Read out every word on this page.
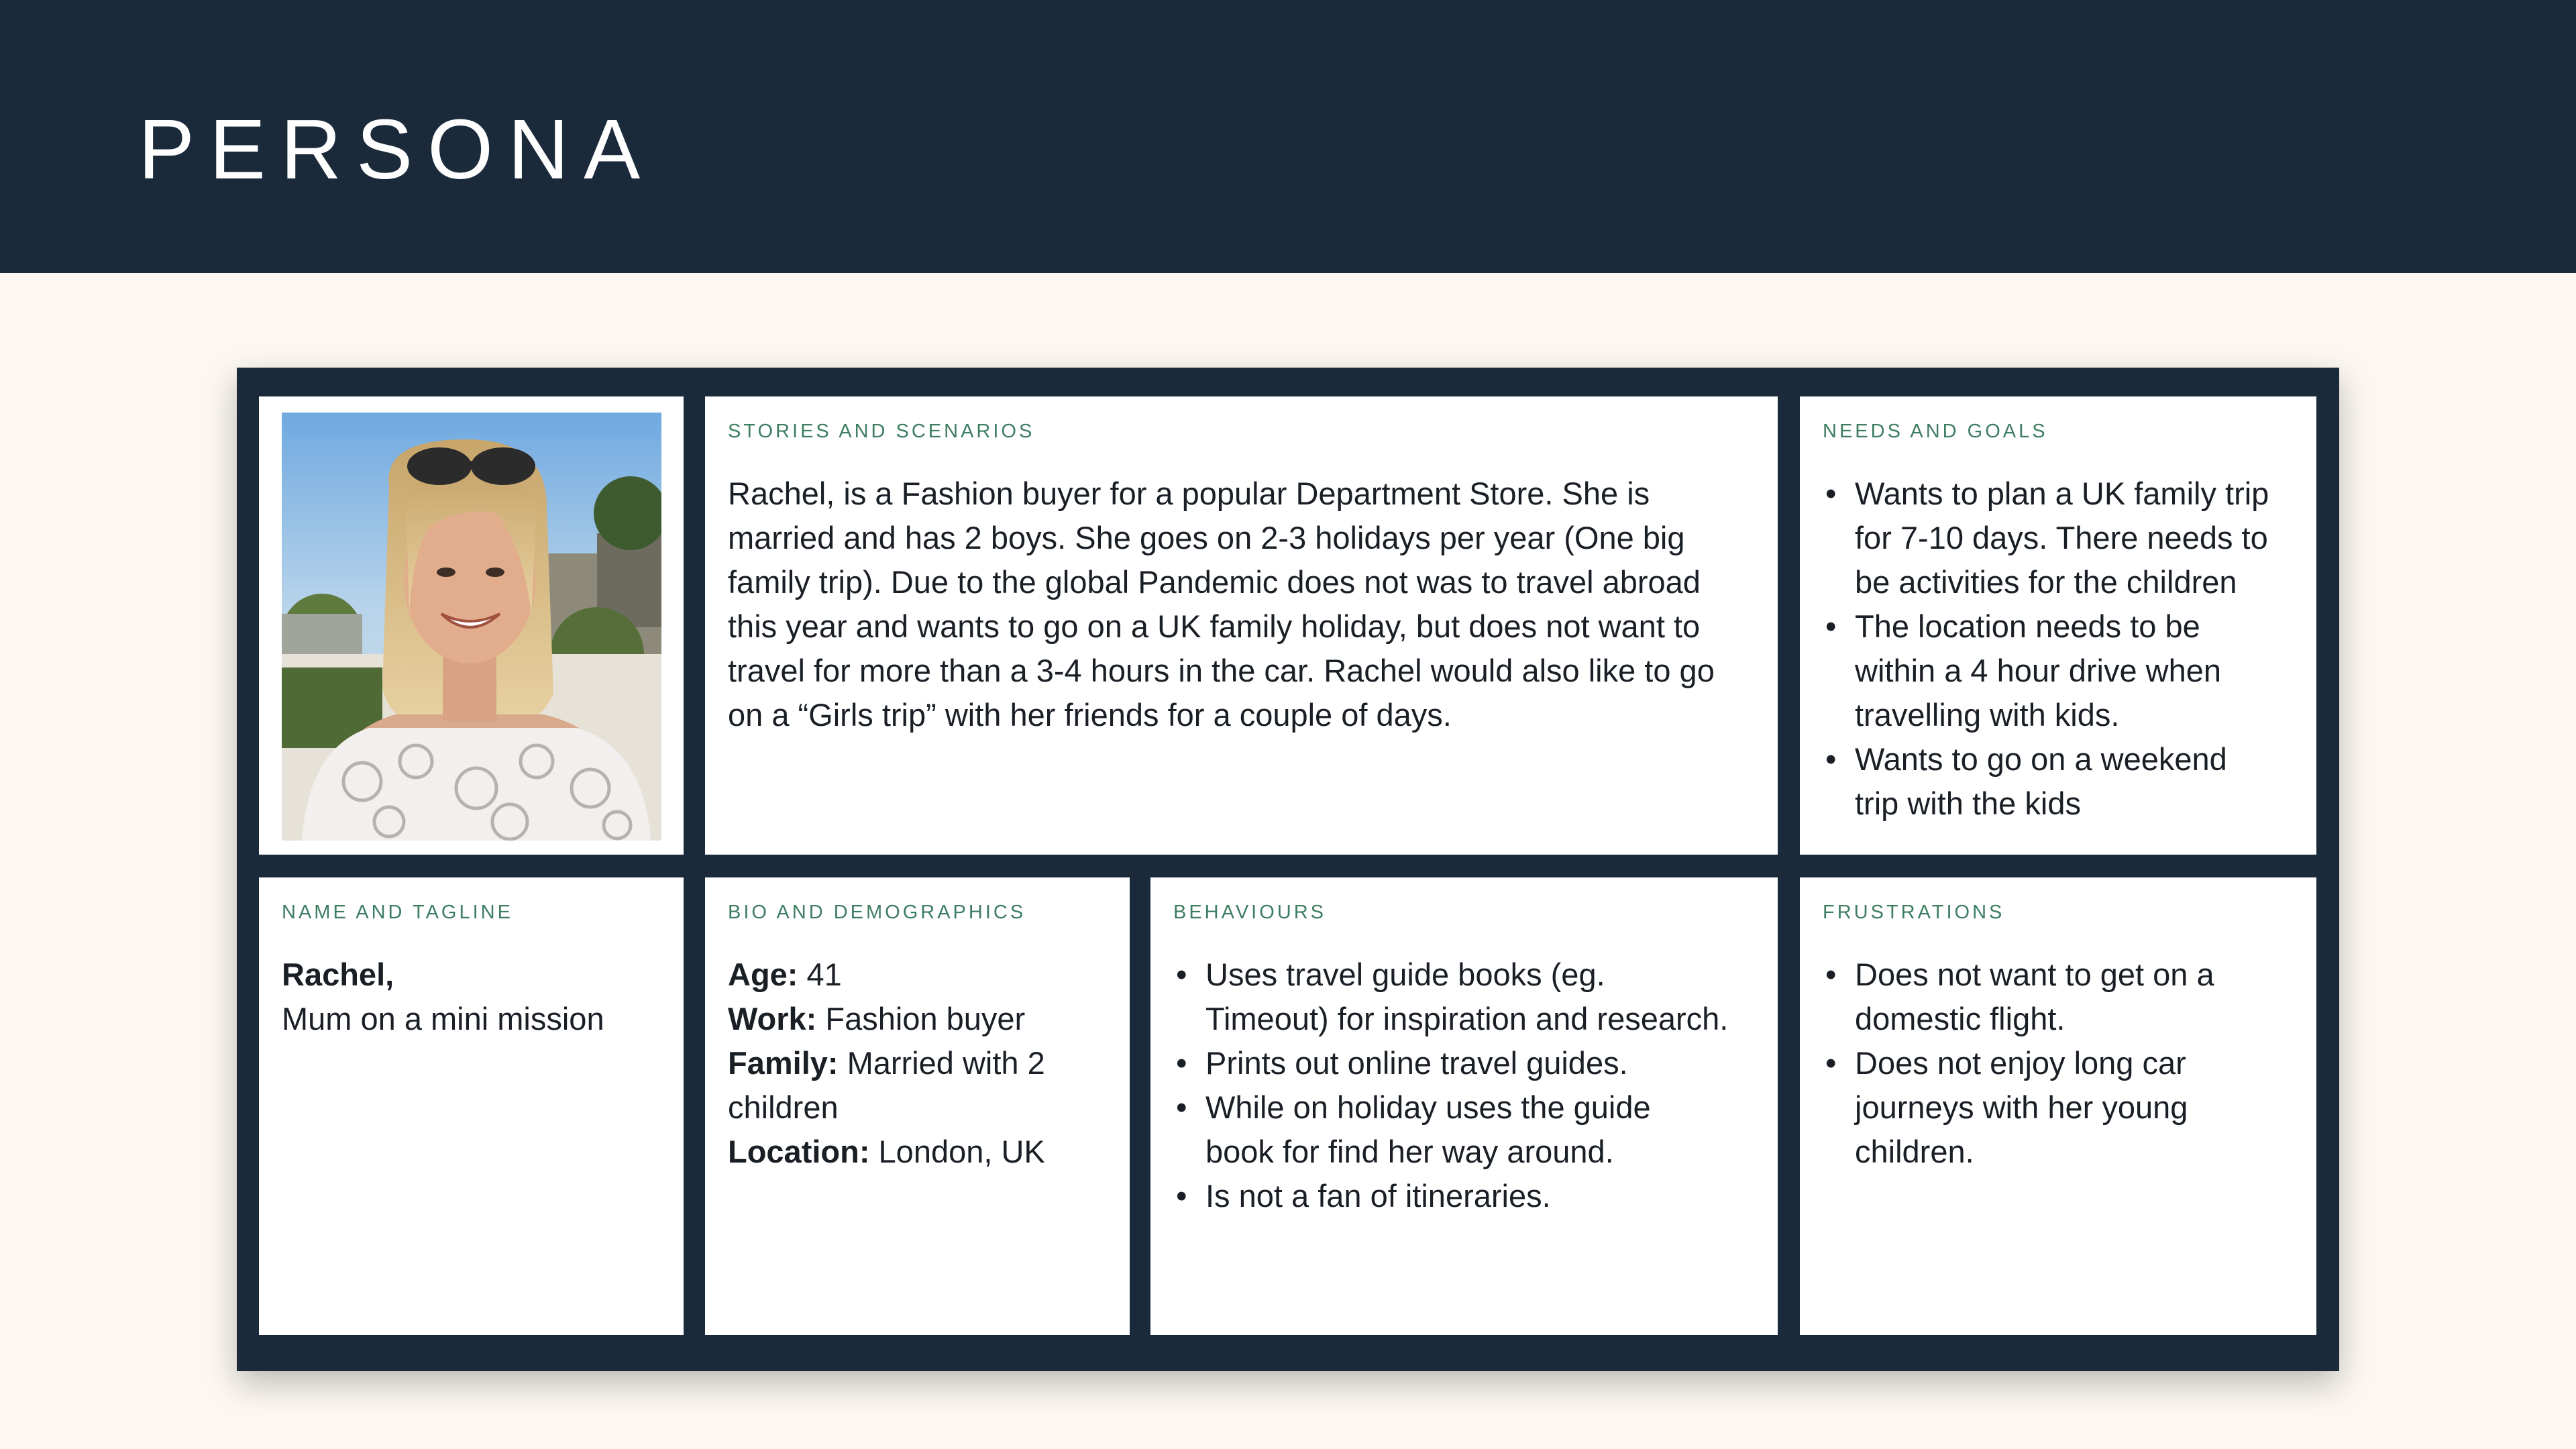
PERSONA
STORIES AND SCENARIOS
Rachel, is a Fashion buyer for a popular Department Store. She is
married and has 2 boys. She goes on 2-3 holidays per year (One big
family trip). Due to the global Pandemic does not was to travel abroad
this year and wants to go on a UK family holiday, but does not want to
travel for more than a 3-4 hours in the car. Rachel would also like to go
on a “Girls trip” with her friends for a couple of days.
NEEDS AND GOALS
• Wants to plan a UK family trip
for 7-10 days. There needs to
be activities for the children
• The location needs to be
within a 4 hour drive when
travelling with kids.
• Wants to go on a weekend
trip with the kids
NAME AND TAGLINE
Rachel,
Mum on a mini mission
BIO AND DEMOGRAPHICS
Age: 41
Work: Fashion buyer
Family: Married with 2
children
Location: London, UK
BEHAVIOURS
• Uses travel guide books (eg.
Timeout) for inspiration and research.
• Prints out online travel guides.
• While on holiday uses the guide
book for find her way around.
• Is not a fan of itineraries.
FRUSTRATIONS
• Does not want to get on a
domestic flight.
• Does not enjoy long car
journeys with her young
children.
